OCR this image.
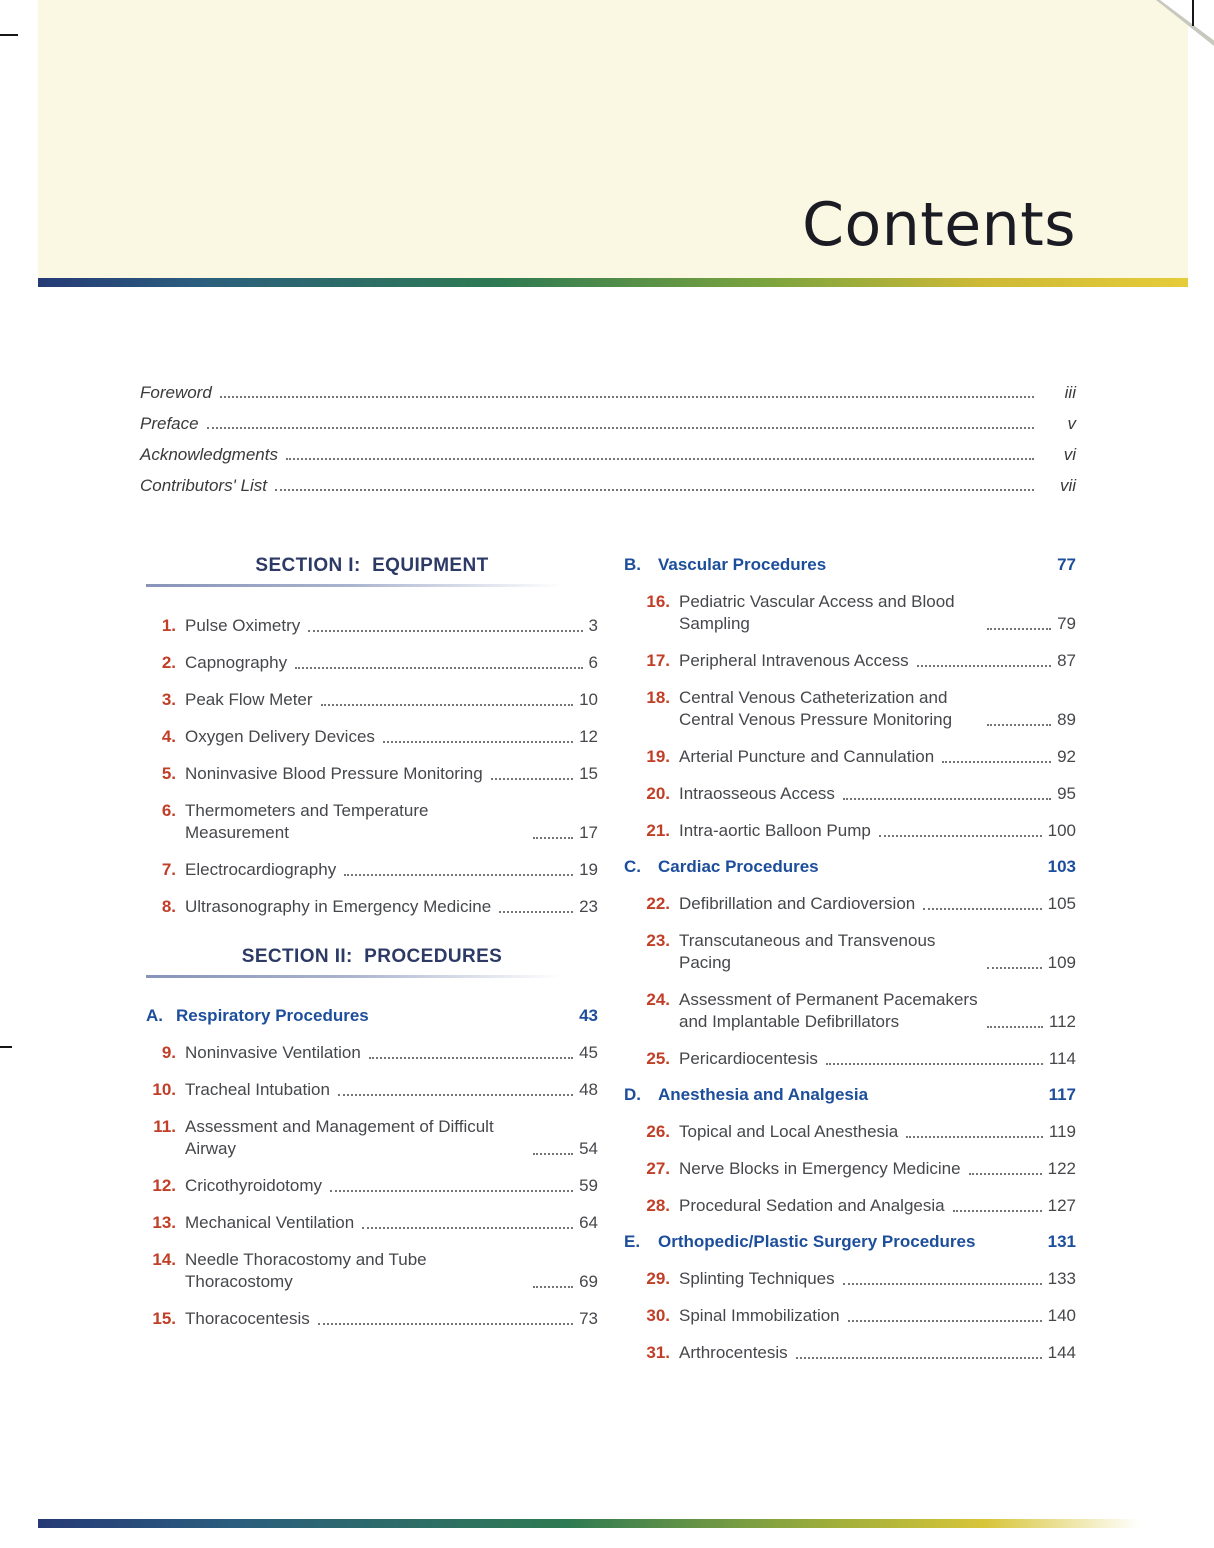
Contents
Foreword	iii
Preface	v
Acknowledgments	vi
Contributors' List	vii
SECTION I:  EQUIPMENT
1. Pulse Oximetry	3
2. Capnography	6
3. Peak Flow Meter	10
4. Oxygen Delivery Devices	12
5. Noninvasive Blood Pressure Monitoring	15
6. Thermometers and Temperature Measurement	17
7. Electrocardiography	19
8. Ultrasonography in Emergency Medicine	23
SECTION II:  PROCEDURES
A. Respiratory Procedures	43
9. Noninvasive Ventilation	45
10. Tracheal Intubation	48
11. Assessment and Management of Difficult Airway	54
12. Cricothyroidotomy	59
13. Mechanical Ventilation	64
14. Needle Thoracostomy and Tube Thoracostomy	69
15. Thoracocentesis	73
B.	Vascular Procedures	77
16. Pediatric Vascular Access and Blood Sampling	79
17. Peripheral Intravenous Access	87
18. Central Venous Catheterization and Central Venous Pressure Monitoring	89
19. Arterial Puncture and Cannulation	92
20. Intraosseous Access	95
21. Intra-aortic Balloon Pump	100
C.	Cardiac Procedures	103
22. Defibrillation and Cardioversion	105
23. Transcutaneous and Transvenous Pacing	109
24. Assessment of Permanent Pacemakers and Implantable Defibrillators	112
25. Pericardiocentesis	114
D.	Anesthesia and Analgesia	117
26. Topical and Local Anesthesia	119
27. Nerve Blocks in Emergency Medicine	122
28. Procedural Sedation and Analgesia	127
E.	Orthopedic/Plastic Surgery Procedures	131
29. Splinting Techniques	133
30. Spinal Immobilization	140
31. Arthrocentesis	144
